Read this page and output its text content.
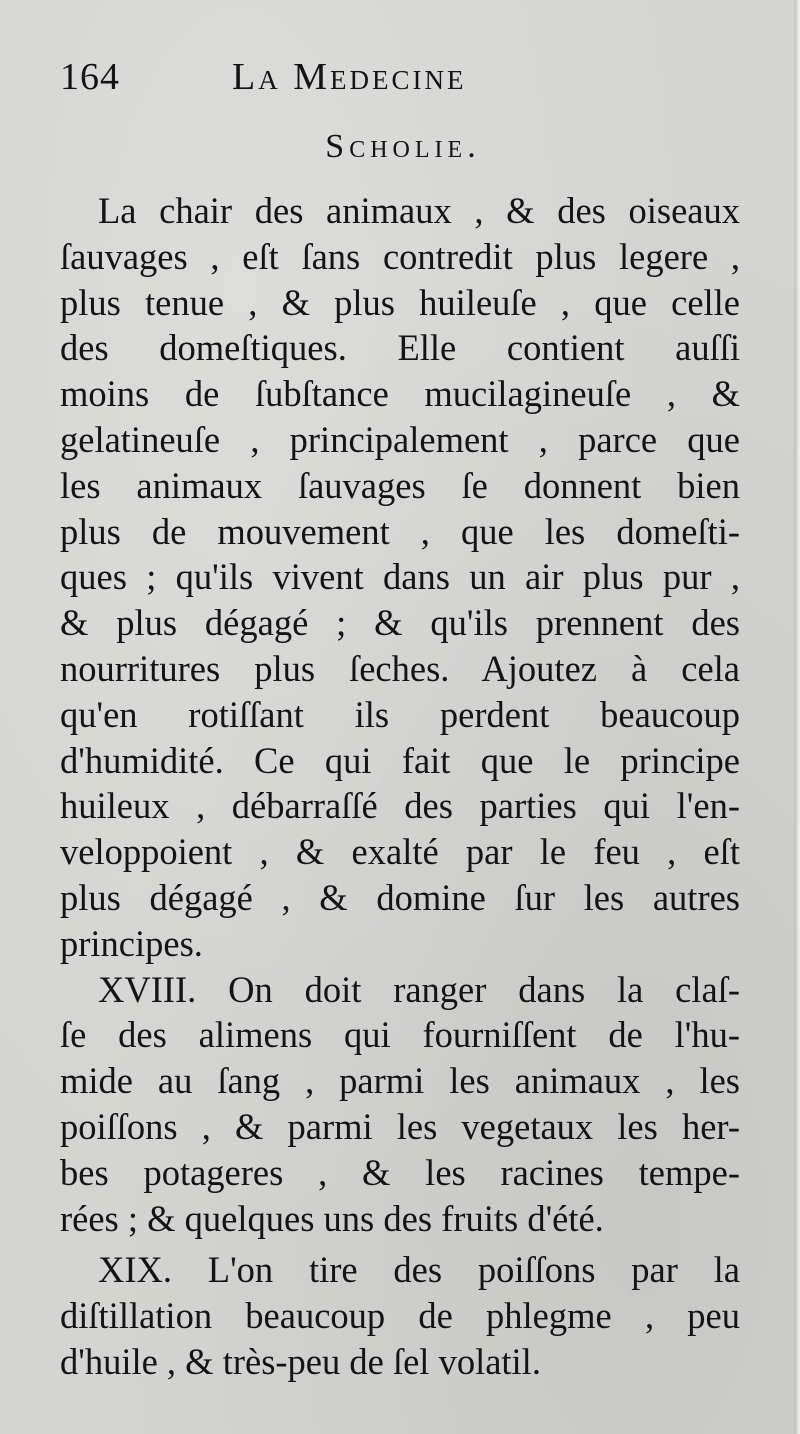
164	La Medecine
Scholie.
La chair des animaux , & des oiseaux
ſauvages , eſt ſans contredit plus legere ,
plus tenue , & plus huileuſe , que celle
des domeſtiques. Elle contient auſſi
moins de ſubſtance mucilagineuſe , &
gelatineuſe , principalement , parce que
les animaux ſauvages ſe donnent bien
plus de mouvement , que les domeſti-
ques ; qu'ils vivent dans un air plus pur ,
& plus dégagé ; & qu'ils prennent des
nourritures plus ſeches. Ajoutez à cela
qu'en rotiſſant ils perdent beaucoup
d'humidité. Ce qui fait que le principe
huileux , débarraſſé des parties qui l'en-
veloppoient , & exalté par le feu , eſt
plus dégagé , & domine ſur les autres
principes.
XVIII. On doit ranger dans la claſ-
ſe des alimens qui fourniſſent de l'hu-
mide au ſang , parmi les animaux , les
poiſſons , & parmi les vegetaux les her-
bes potageres , & les racines tempe-
rées ; & quelques uns des fruits d'été.
XIX. L'on tire des poiſſons par la
diſtillation beaucoup de phlegme , peu
d'huile , & très-peu de ſel volatil.
